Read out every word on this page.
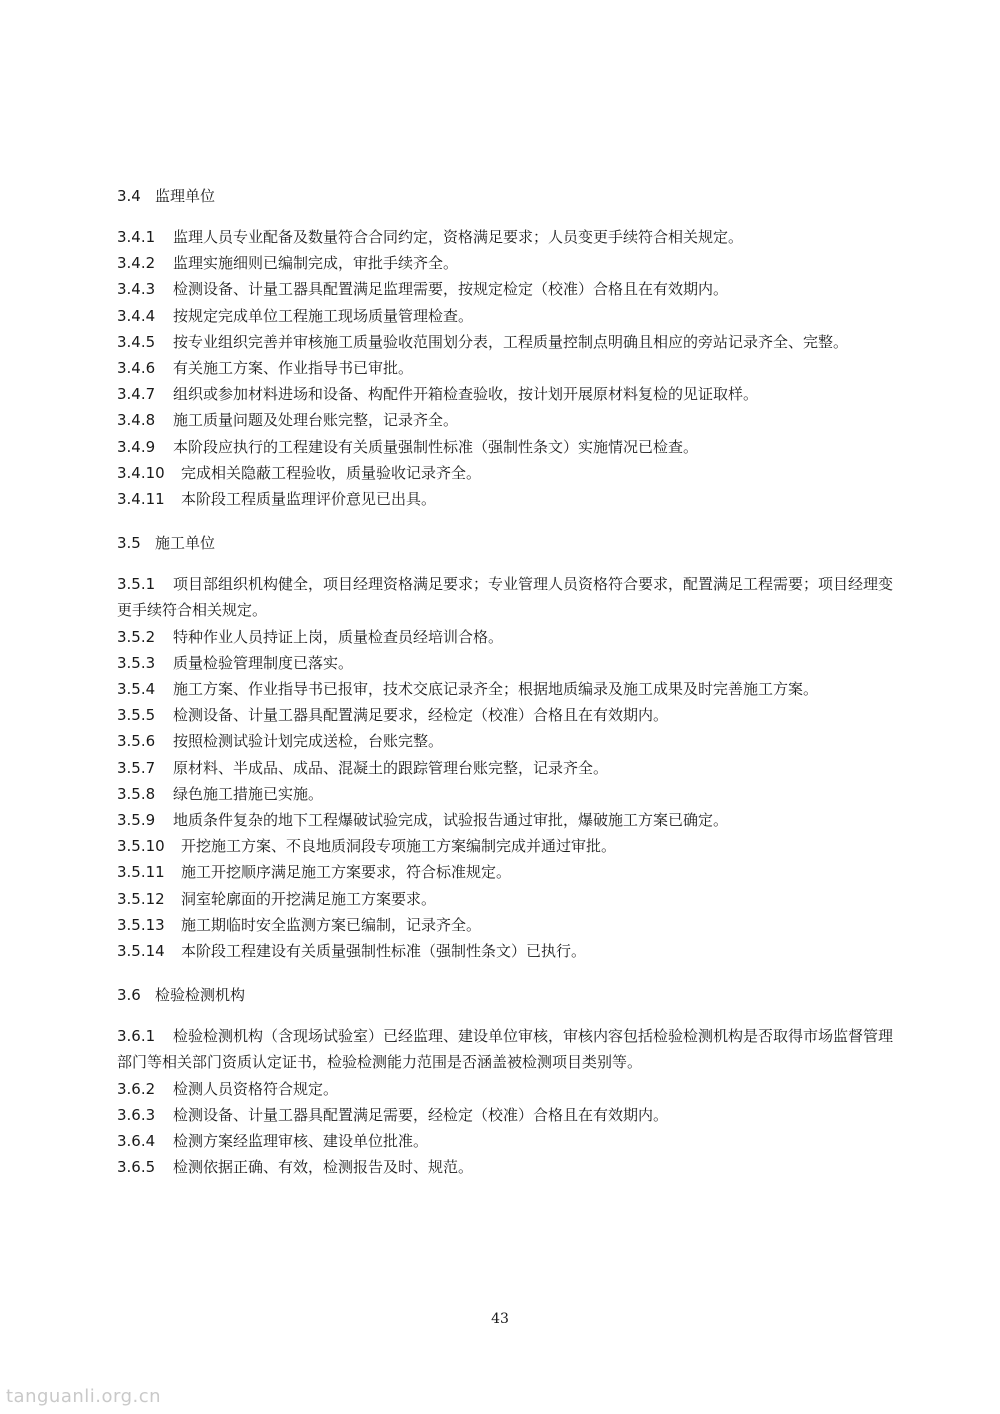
3.4 监理单位

3.4.1 监理人员专业配备及数量符合合同约定，资格满足要求；人员变更手续符合相关规定。

3.4.2 监理实施细则已编制完成，审批手续齐全。

3.4.3 检测设备、计量工器具配置满足监理需要，按规定检定（校准）合格且在有效期内。

3.4.4 按规定完成单位工程施工现场质量管理检查。

3.4.5 按专业组织完善并审核施工质量验收范围划分表，工程质量控制点明确且相应的旁站记录齐全、完整。

3.4.6 有关施工方案、作业指导书已审批。

3.4.7 组织或参加材料进场和设备、构配件开箱检查验收，按计划开展原材料复检的见证取样。

3.4.8 施工质量问题及处理台账完整，记录齐全。

3.4.9 本阶段应执行的工程建设有关质量强制性标准（强制性条文）实施情况已检查。

3.4.10 完成相关隐蔽工程验收，质量验收记录齐全。

3.4.11 本阶段工程质量监理评价意见已出具。

3.5 施工单位

3.5.1 项目部组织机构健全，项目经理资格满足要求；专业管理人员资格符合要求，配置满足工程需要；项目经理变更手续符合相关规定。

3.5.2 特种作业人员持证上岗，质量检查员经培训合格。

3.5.3 质量检验管理制度已落实。

3.5.4 施工方案、作业指导书已报审，技术交底记录齐全；根据地质编录及施工成果及时完善施工方案。

3.5.5 检测设备、计量工器具配置满足要求，经检定（校准）合格且在有效期内。

3.5.6 按照检测试验计划完成送检，台账完整。

3.5.7 原材料、半成品、成品、混凝土的跟踪管理台账完整，记录齐全。

3.5.8 绿色施工措施已实施。

3.5.9 地质条件复杂的地下工程爆破试验完成，试验报告通过审批，爆破施工方案已确定。

3.5.10 开挖施工方案、不良地质洞段专项施工方案编制完成并通过审批。

3.5.11 施工开挖顺序满足施工方案要求，符合标准规定。

3.5.12 洞室轮廓面的开挖满足施工方案要求。

3.5.13 施工期临时安全监测方案已编制，记录齐全。

3.5.14 本阶段工程建设有关质量强制性标准（强制性条文）已执行。

3.6 检验检测机构

3.6.1 检验检测机构（含现场试验室）已经监理、建设单位审核，审核内容包括检验检测机构是否取得市场监督管理部门等相关部门资质认定证书，检验检测能力范围是否涵盖被检测项目类别等。

3.6.2 检测人员资格符合规定。

3.6.3 检测设备、计量工器具配置满足需要，经检定（校准）合格且在有效期内。

3.6.4 检测方案经监理审核、建设单位批准。

3.6.5 检测依据正确、有效，检测报告及时、规范。

43
tanguanli.org.cn
